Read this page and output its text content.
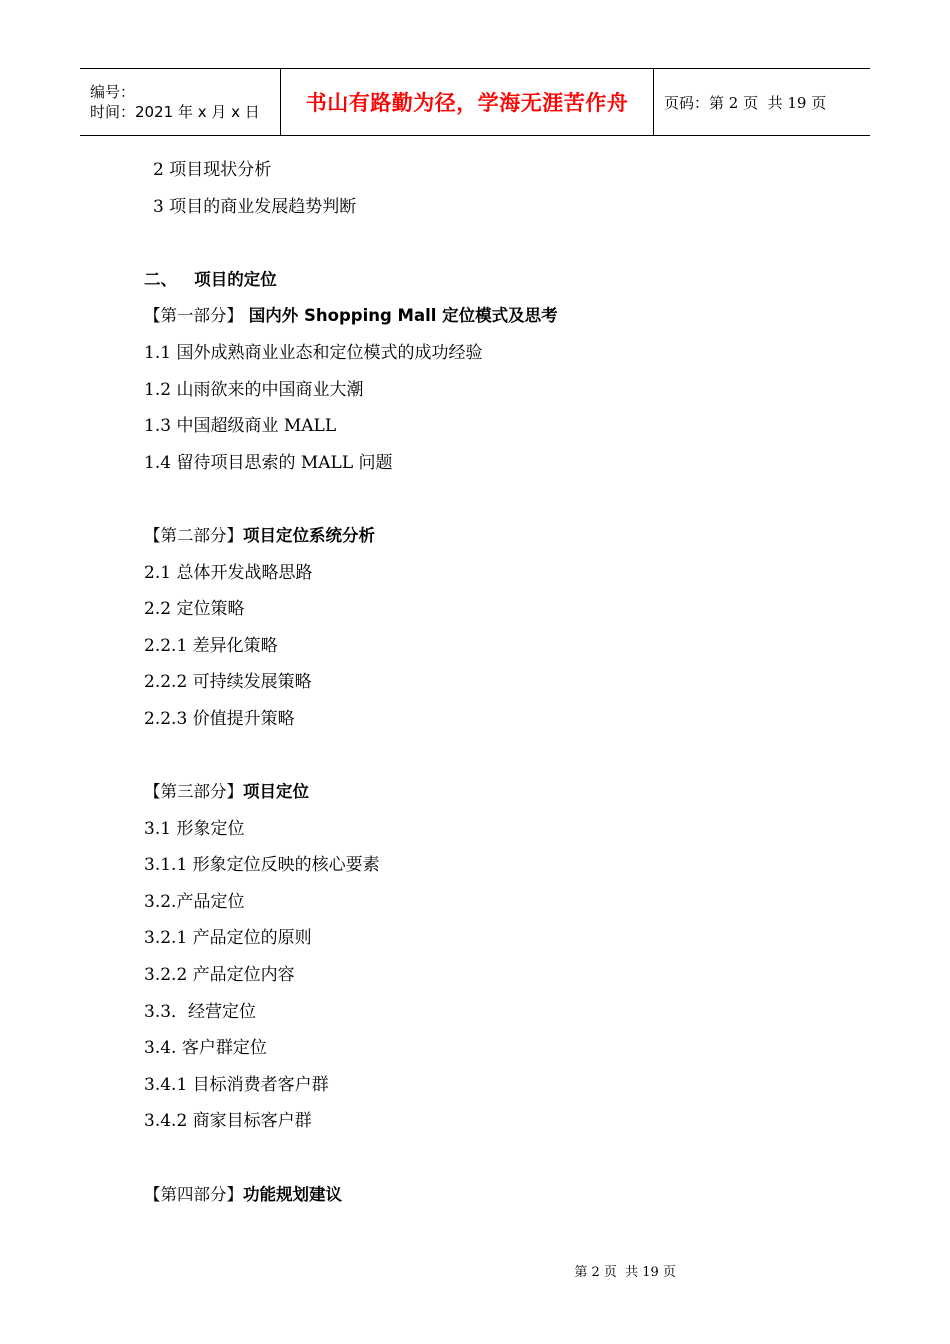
编号：
时间：2021 年 x 月 x 日	书山有路勤为径，学海无涯苦作舟 页码：第 2 页  共 19 页
2 项目现状分析
3 项目的商业发展趋势判断
二、   项目的定位
【第一部分】 国内外 Shopping Mall 定位模式及思考
1.1 国外成熟商业业态和定位模式的成功经验
1.2 山雨欲来的中国商业大潮
1.3 中国超级商业 MALL
1.4 留待项目思索的 MALL 问题
【第二部分】项目定位系统分析
2.1 总体开发战略思路
2.2 定位策略
2.2.1 差异化策略
2.2.2 可持续发展策略
2.2.3 价值提升策略
【第三部分】项目定位
3.1 形象定位
3.1.1 形象定位反映的核心要素
3.2.产品定位
3.2.1 产品定位的原则
3.2.2 产品定位内容
3.3．经营定位
3.4. 客户群定位
3.4.1 目标消费者客户群
3.4.2 商家目标客户群
【第四部分】功能规划建议

第 2 页  共 19 页
